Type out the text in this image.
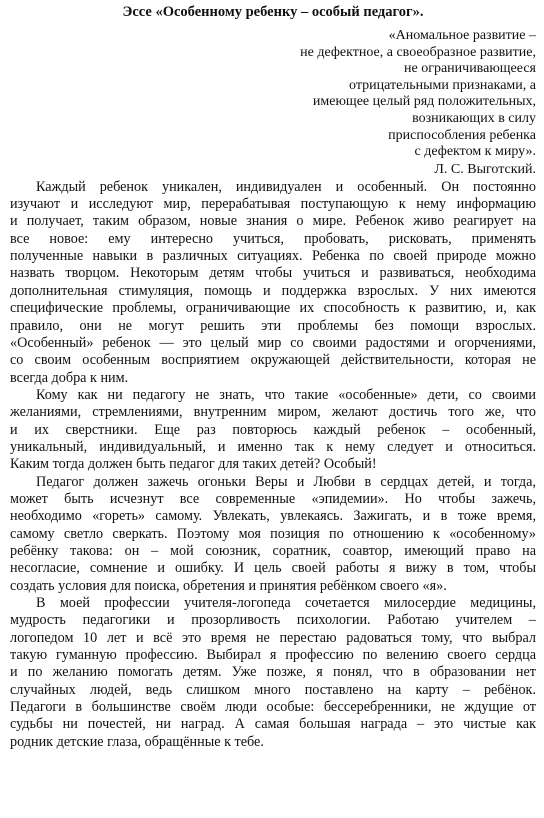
Эссе «Особенному ребенку – особый педагог».
«Аномальное развитие –
не дефектное, а своеобразное развитие,
не ограничивающееся
отрицательными признаками, а
имеющее целый ряд положительных,
возникающих в силу
приспособления ребенка
с дефектом к миру».
Л. С. Выготский.
Каждый ребенок уникален, индивидуален и особенный. Он постоянно
изучают и исследуют мир, перерабатывая поступающую к нему информацию
и получает, таким образом, новые знания о мире. Ребенок живо реагирует на
все новое: ему интересно учиться, пробовать, рисковать, применять
полученные навыки в различных ситуациях. Ребенка по своей природе можно
назвать творцом. Некоторым детям чтобы учиться и развиваться, необходима
дополнительная стимуляция, помощь и поддержка взрослых. У них имеются
специфические проблемы, ограничивающие их способность к развитию, и, как
правило, они не могут решить эти проблемы без помощи взрослых.
«Особенный» ребенок — это целый мир со своими радостями и огорчениями,
со своим особенным восприятием окружающей действительности, которая не
всегда добра к ним.
Кому как ни педагогу не знать, что такие «особенные» дети, со своими
желаниями, стремлениями, внутренним миром, желают достичь того же, что
и их сверстники. Еще раз повторюсь каждый ребенок – особенный,
уникальный, индивидуальный, и именно так к нему следует и относиться.
Каким тогда должен быть педагог для таких детей? Особый!
Педагог должен зажечь огоньки Веры и Любви в сердцах детей, и тогда,
может быть исчезнут все современные «эпидемии». Но чтобы зажечь,
необходимо «гореть» самому. Увлекать, увлекаясь. Зажигать, и в тоже время,
самому светло сверкать. Поэтому моя позиция по отношению к «особенному»
ребёнку такова: он – мой союзник, соратник, соавтор, имеющий право на
несогласие, сомнение и ошибку. И цель своей работы я вижу в том, чтобы
создать условия для поиска, обретения и принятия ребёнком своего «я».
В моей профессии учителя-логопеда сочетается милосердие медицины,
мудрость педагогики и прозорливость психологии. Работаю учителем –
логопедом 10 лет и всё это время не перестаю радоваться тому, что выбрал
такую гуманную профессию. Выбирал я профессию по велению своего сердца
и по желанию помогать детям. Уже позже, я понял, что в образовании нет
случайных людей, ведь слишком много поставлено на карту – ребёнок.
Педагоги в большинстве своём люди особые: бессеребренники, не ждущие от
судьбы ни почестей, ни наград. А самая большая награда – это чистые как
родник детские глаза, обращённые к тебе.
